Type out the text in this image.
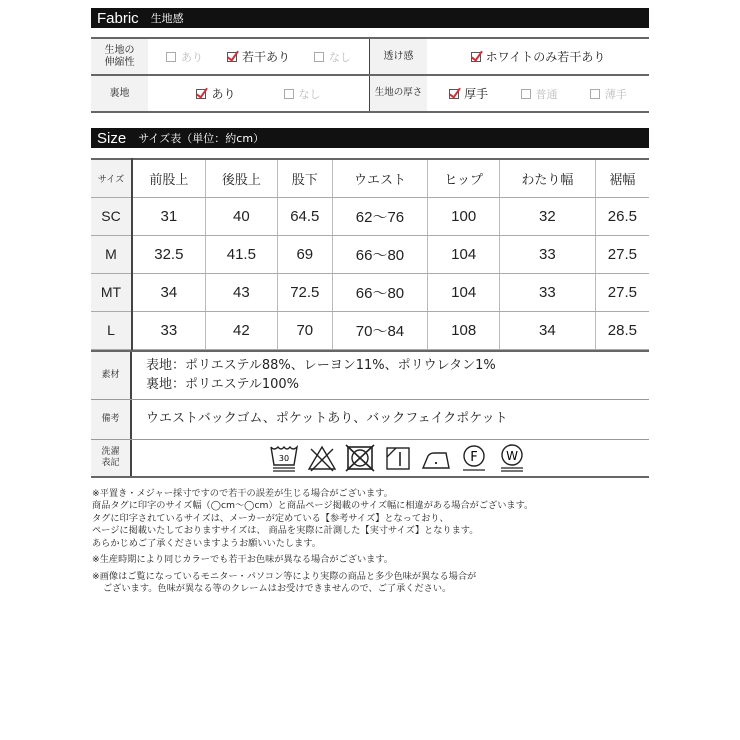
Fabric 生地感
生地の
伸縮性	あり	若干あり	なし	透け感	ホワイトのみ若干あり
裏地	あり	なし	生地の厚さ	厚手	普通	薄手
Size サイズ表（単位：約cm）
サイズ	前股上	後股上	股下	ウエスト	ヒップ	わたり幅	裾幅
SC	31	40	64.5	62〜76	100	32	26.5
M	32.5	41.5	69	66〜80	104	33	27.5
MT	34	43	72.5	66〜80	104	33	27.5
L	33	42	70	70〜84	108	34	28.5
素材
表地：ポリエステル88%、レーヨン11%、ポリウレタン1%
裏地：ポリエステル100%
備考	ウエストバックゴム、ポケットあり、バックフェイクポケット
洗濯
表記	30	F W

※平置き・メジャー採寸ですので若干の誤差が生じる場合がございます。

商品タグに印字のサイズ幅（◯cm〜◯cm）と商品ページ掲載のサイズ幅に相違がある場合がございます。

タグに印字されているサイズは、メーカーが定めている【参考サイズ】となっており、

ページに掲載いたしておりますサイズは、 商品を実際に計測した【実寸サイズ】となります。

あらかじめご了承くださいますようお願いいたします。

※生産時期により同じカラーでも若干お色味が異なる場合がございます。

※画像はご覧になっているモニター・パソコン等により実際の商品と多少色味が異なる場合が

ございます。色味が異なる等のクレームはお受けできませんので、ご了承ください。
